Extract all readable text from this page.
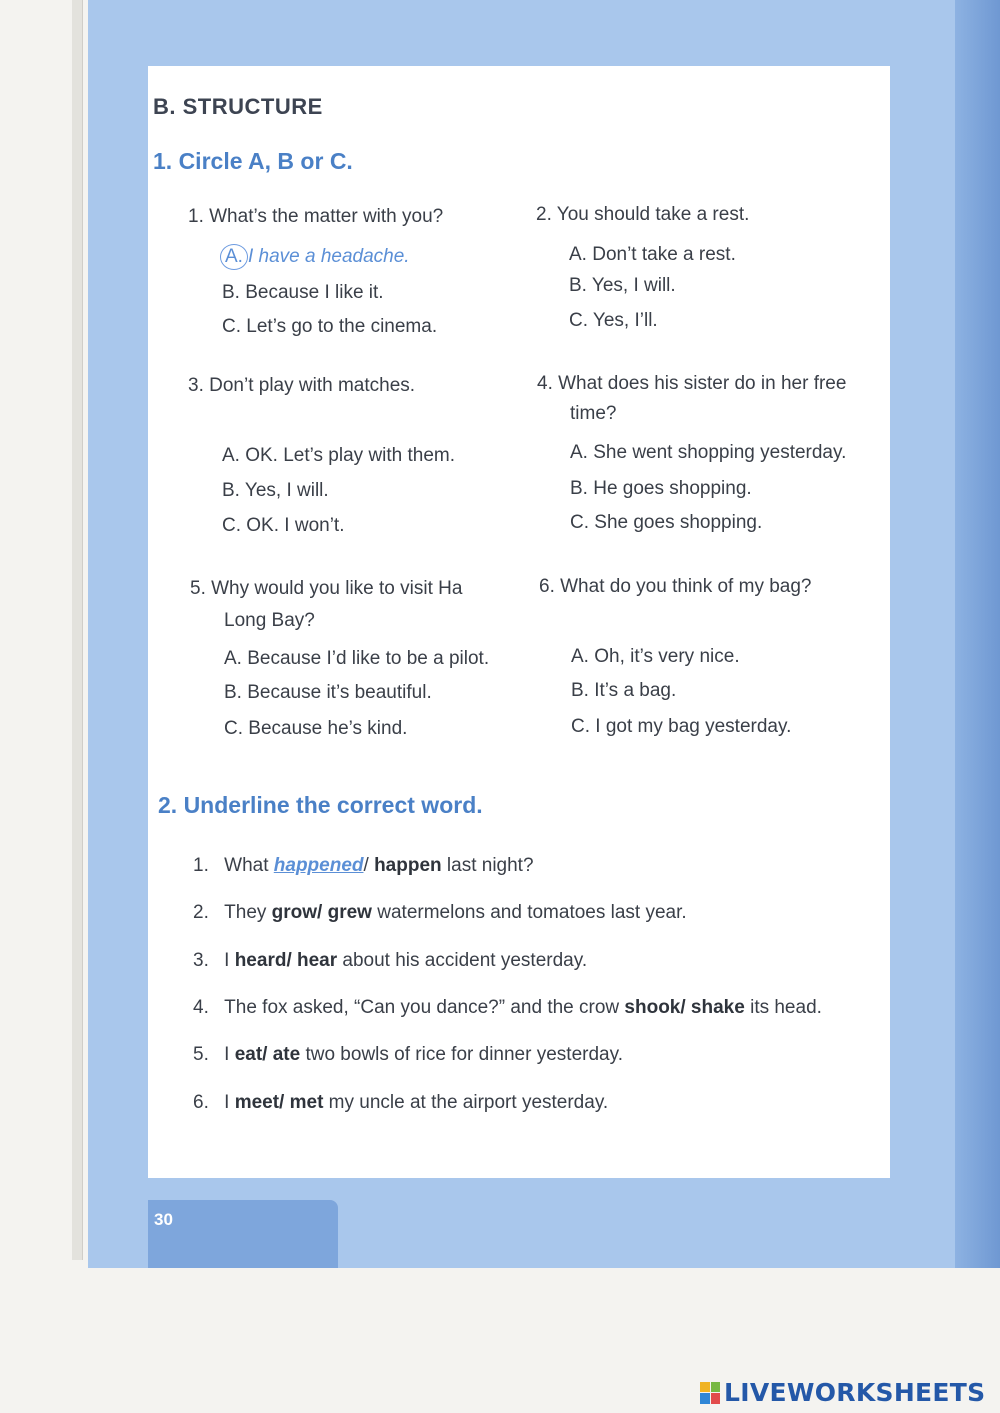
30
B. STRUCTURE
1. Circle A, B or C.
1. What’s the matter with you?
A. I have a headache.
B. Because I like it.
C. Let’s go to the cinema.
2. You should take a rest.
A. Don’t take a rest.
B. Yes, I will.
C. Yes, I’ll.
3. Don’t play with matches.
A. OK. Let’s play with them.
B. Yes, I will.
C. OK. I won’t.
4. What does his sister do in her free
time?
A. She went shopping yesterday.
B. He goes shopping.
C. She goes shopping.
5. Why would you like to visit Ha
Long Bay?
A. Because I’d like to be a pilot.
B. Because it’s beautiful.
C. Because he’s kind.
6. What do you think of my bag?
A. Oh, it’s very nice.
B. It’s a bag.
C. I got my bag yesterday.
2. Underline the correct word.
1. What happened/ happen last night?
2. They grow/ grew watermelons and tomatoes last year.
3. I heard/ hear about his accident yesterday.
4. The fox asked, “Can you dance?” and the crow shook/ shake its head.
5. I eat/ ate two bowls of rice for dinner yesterday.
6. I meet/ met my uncle at the airport yesterday.
LIVEWORKSHEETS
